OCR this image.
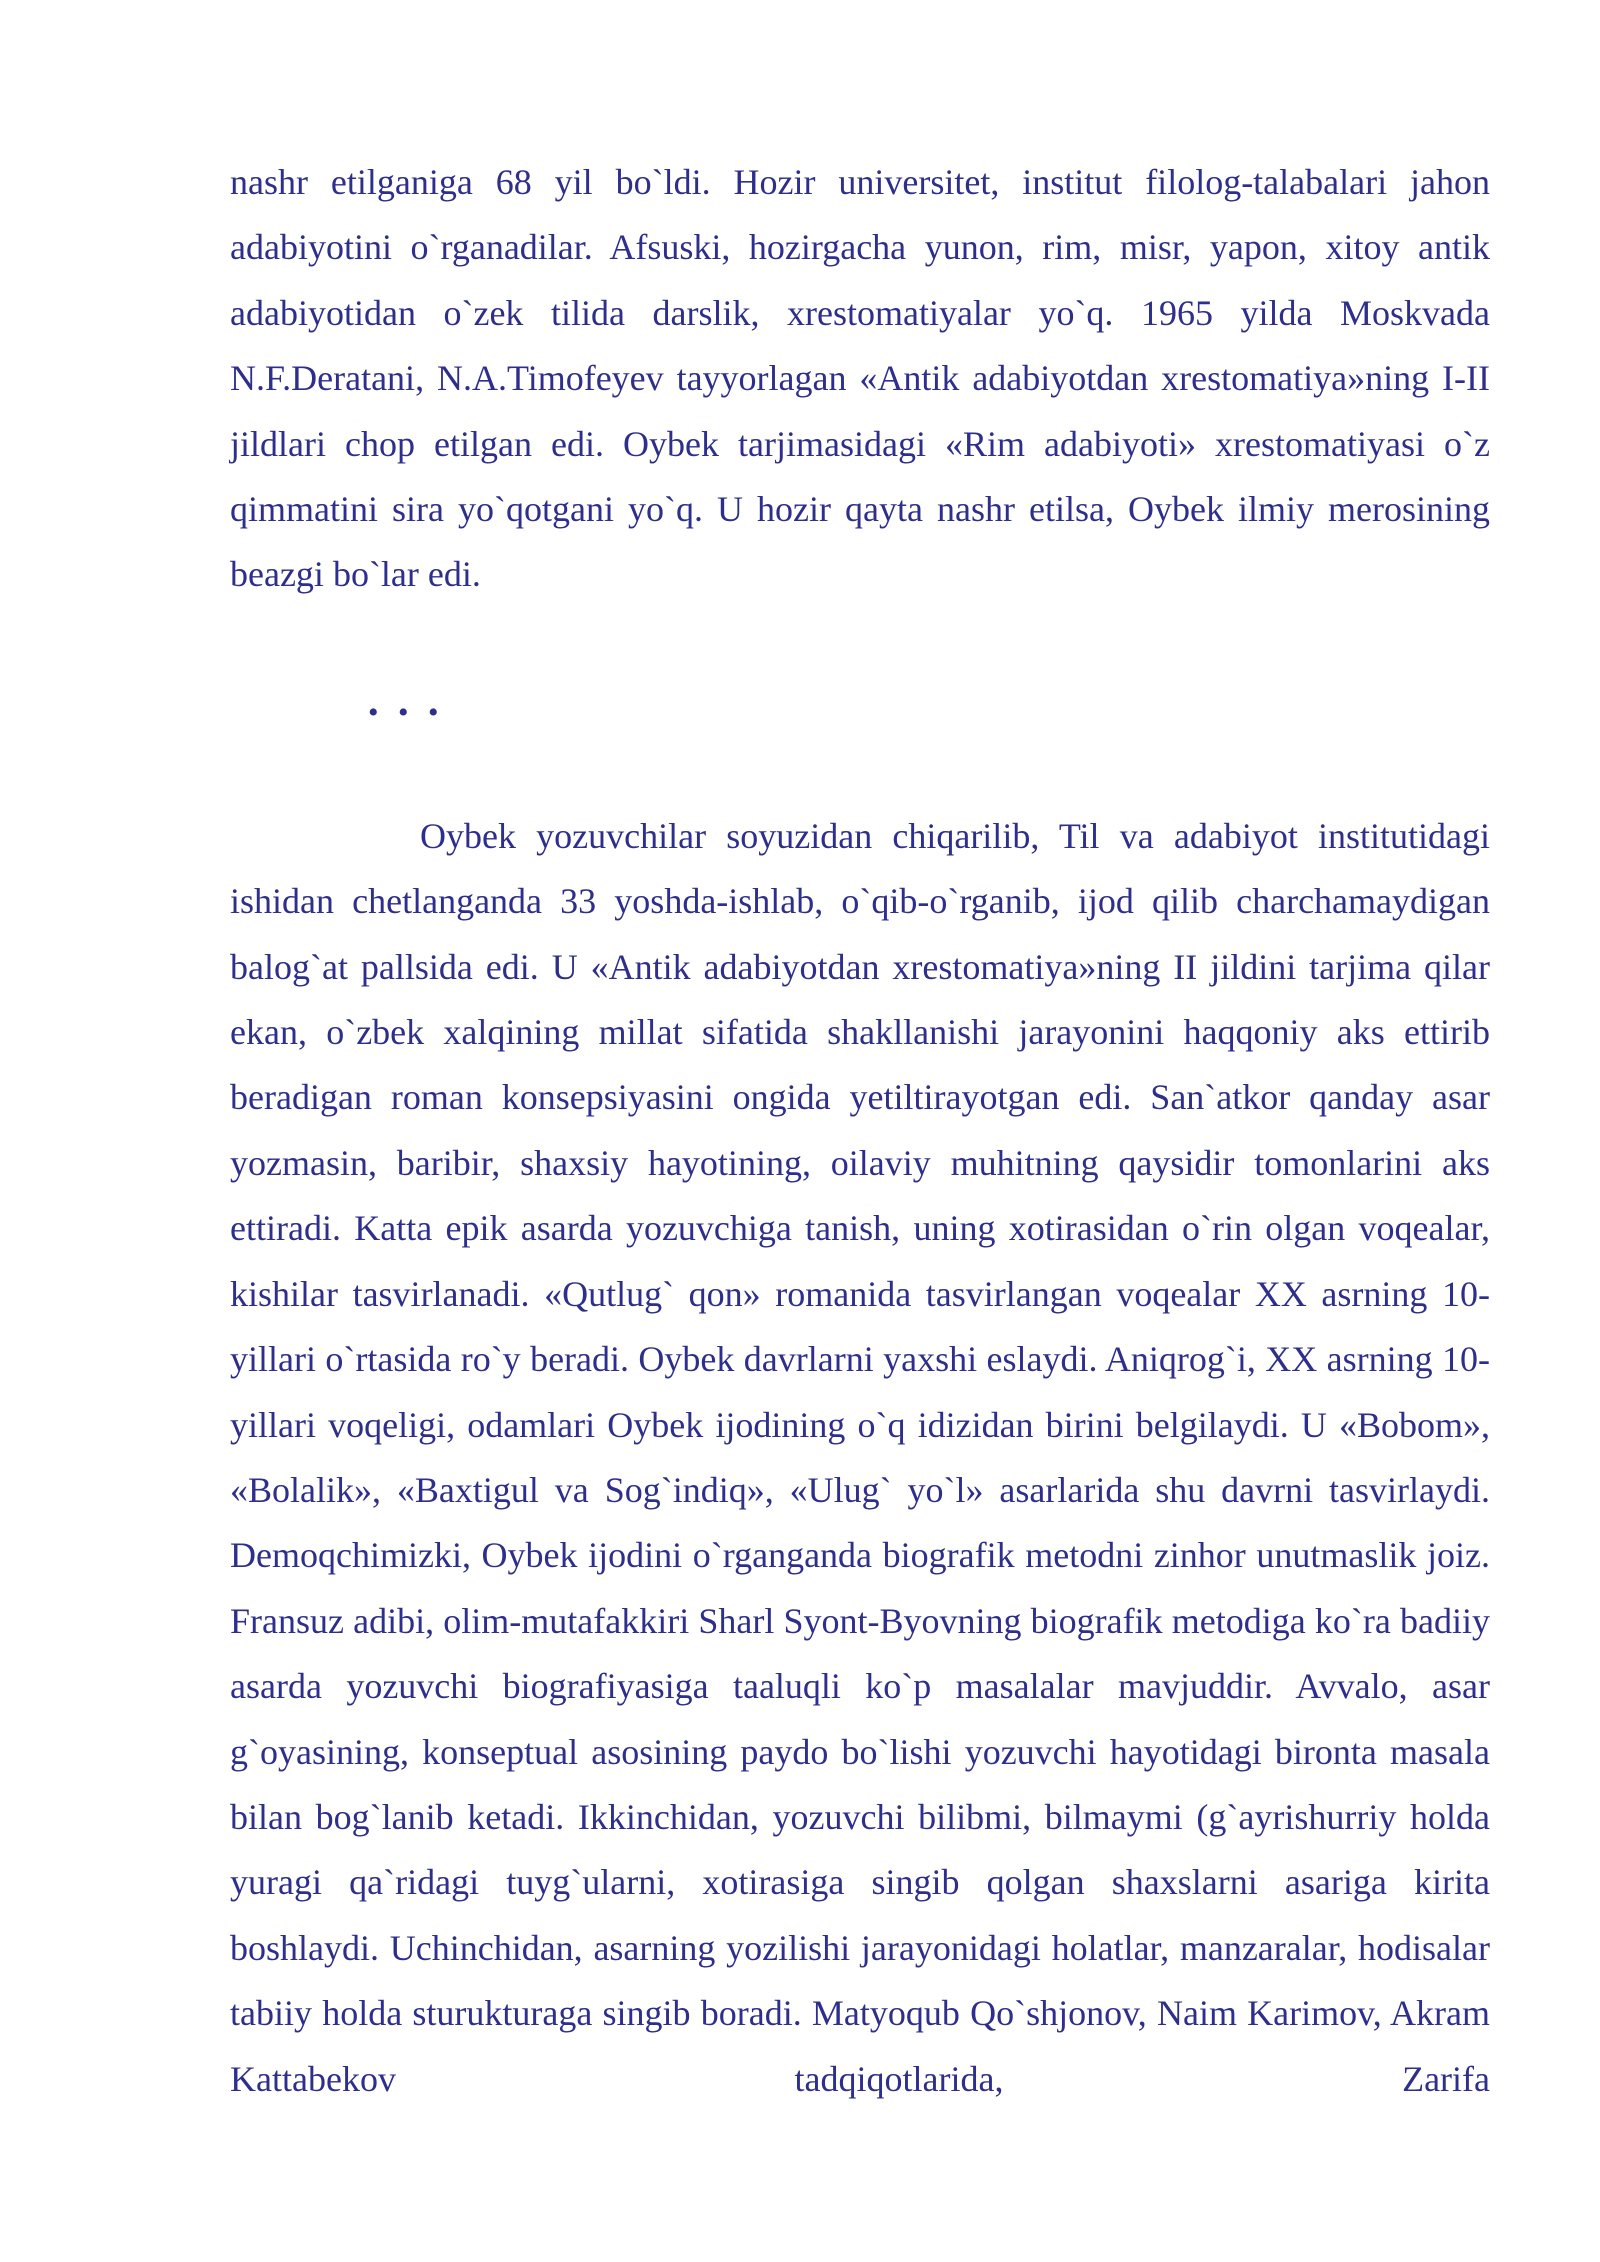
nashr etilganiga 68 yil bo`ldi. Hozir universitet, institut filolog-talabalari jahon adabiyotini o`rganadilar. Afsuski, hozirgacha yunon, rim, misr, yapon, xitoy antik adabiyotidan o`zek tilida darslik, xrestomatiyalar yo`q. 1965 yilda Moskvada N.F.Deratani, N.A.Timofeyev tayyorlagan «Antik adabiyotdan xrestomatiya»ning I-II jildlari chop etilgan edi. Oybek tarjimasidagi «Rim adabiyoti» xrestomatiyasi o`z qimmatini sira yo`qotgani yo`q. U hozir qayta nashr etilsa, Oybek ilmiy merosining beazgi bo`lar edi.

• • •

Oybek yozuvchilar soyuzidan chiqarilib, Til va adabiyot institutidagi ishidan chetlanganda 33 yoshda-ishlab, o`qib-o`rganib, ijod qilib charchamaydigan balog`at pallsida edi. U «Antik adabiyotdan xrestomatiya»ning II jildini tarjima qilar ekan, o`zbek xalqining millat sifatida shakllanishi jarayonini haqqoniy aks ettirib beradigan roman konsepsiyasini ongida yetiltirayotgan edi. San`atkor qanday asar yozmasin, baribir, shaxsiy hayotining, oilaviy muhitning qaysidir tomonlarini aks ettiradi. Katta epik asarda yozuvchiga tanish, uning xotirasidan o`rin olgan voqealar, kishilar tasvirlanadi. «Qutlug` qon» romanida tasvirlangan voqealar XX asrning 10-yillari o`rtasida ro`y beradi. Oybek davrlarni yaxshi eslaydi. Aniqrog`i, XX asrning 10-yillari voqeligi, odamlari Oybek ijodining o`q idizidan birini belgilaydi. U «Bobom», «Bolalik», «Baxtigul va Sog`indiq», «Ulug` yo`l» asarlarida shu davrni tasvirlaydi. Demoqchimizki, Oybek ijodini o`rganganda biografik metodni zinhor unutmaslik joiz. Fransuz adibi, olim-mutafakkiri Sharl Syont-Byovning biografik metodiga ko`ra badiiy asarda yozuvchi biografiyasiga taaluqli ko`p masalalar mavjuddir. Avvalo, asar g`oyasining, konseptual asosining paydo bo`lishi yozuvchi hayotidagi bironta masala bilan bog`lanib ketadi. Ikkinchidan, yozuvchi bilibmi, bilmaymi (g`ayrishurriy holda yuragi qa`ridagi tuyg`ularni, xotirasiga singib qolgan shaxslarni asariga kirita boshlaydi. Uchinchidan, asarning yozilishi jarayonidagi holatlar, manzaralar, hodisalar tabiiy holda sturukturaga singib boradi. Matyoqub Qo`shjonov, Naim Karimov, Akram Kattabekov tadqiqotlarida, Zarifa
